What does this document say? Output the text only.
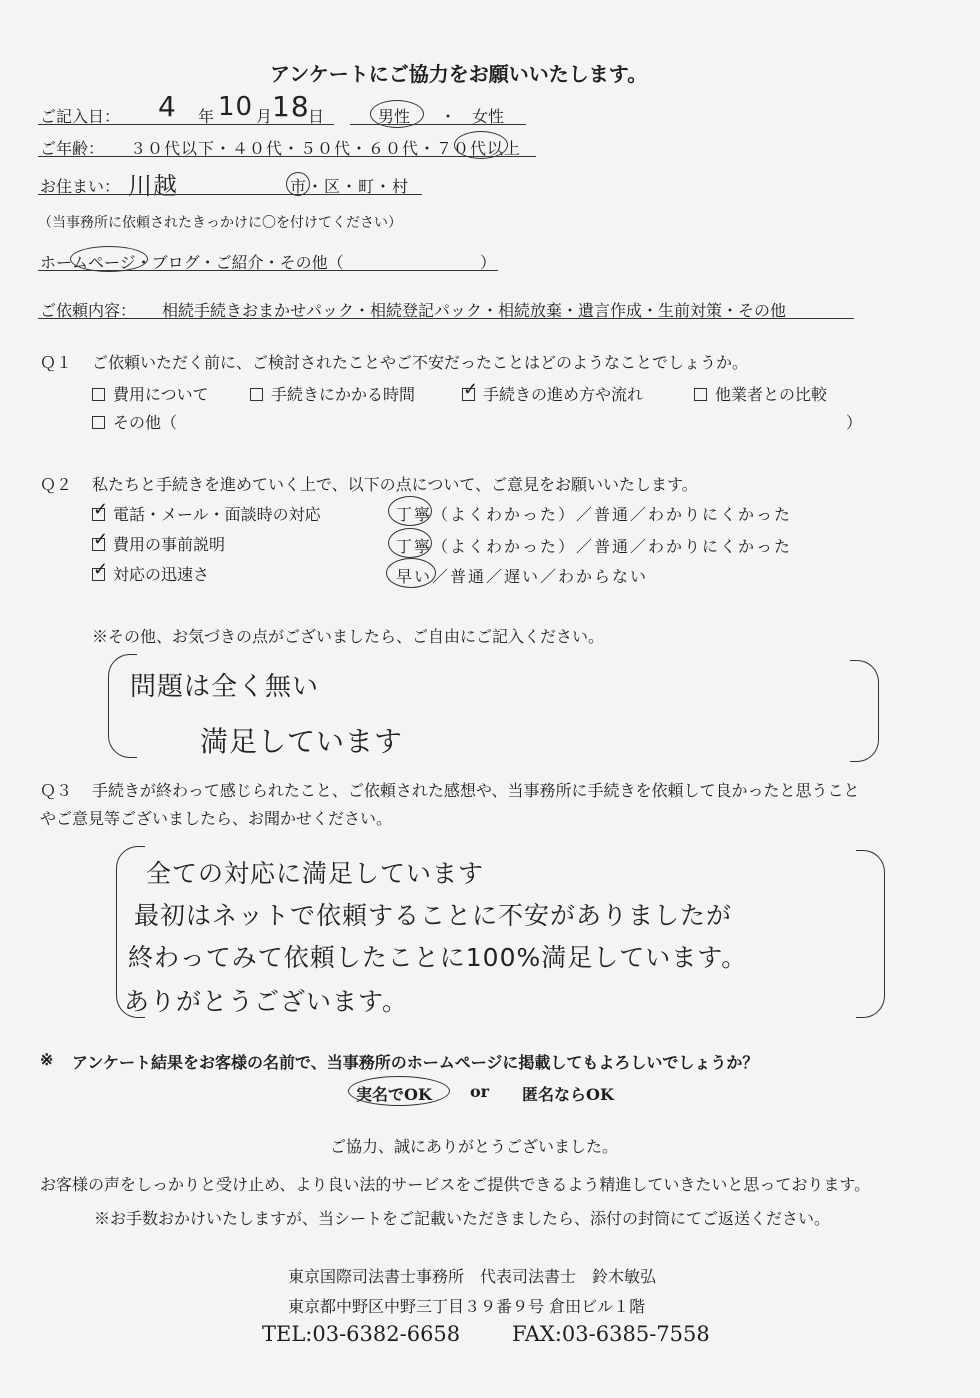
アンケートにご協力をお願いいたします。
ご記入日： 4 年 10 月 18
日	男性 ・ 女性
ご年齢： ３０代以下・４０代・５０代・６０代・７０代以上
お住まい： 川越	市・区・町・村
（当事務所に依頼されたきっかけに〇を付けてください）
ホームページ・ブログ・ご紹介・その他（	）
ご依頼内容： 相続手続きおまかせパック・相続登記パック・相続放棄・遺言作成・生前対策・その他
Ｑ１ ご依頼いただく前に、ご検討されたことやご不安だったことはどのようなことでしょうか。
費用について	手続きにかかる時間	✓ 手続きの進め方や流れ	他業者との比較
その他（	）
Ｑ２ 私たちと手続きを進めていく上で、以下の点について、ご意見をお願いいたします。
✓ 電話・メール・面談時の対応	丁寧（よくわかった）／普通／わかりにくかった
✓ 費用の事前説明	丁寧（よくわかった）／普通／わかりにくかった
✓ 対応の迅速さ	早い／普通／遅い／わからない
※その他、お気づきの点がございましたら、ご自由にご記入ください。
問題は全く無い
満足しています
Ｑ３ 手続きが終わって感じられたこと、ご依頼された感想や、当事務所に手続きを依頼して良かったと思うこと
やご意見等ございましたら、お聞かせください。
全ての対応に満足しています
最初はネットで依頼することに不安がありましたが
終わってみて依頼したことに100%満足しています。
ありがとうございます。
※ アンケート結果をお客様の名前で、当事務所のホームページに掲載してもよろしいでしょうか？
実名でOK or 匿名ならOK
ご協力、誠にありがとうございました。
お客様の声をしっかりと受け止め、より良い法的サービスをご提供できるよう精進していきたいと思っております。
※お手数おかけいたしますが、当シートをご記載いただきましたら、添付の封筒にてご返送ください。
東京国際司法書士事務所　代表司法書士　鈴木敏弘
東京都中野区中野三丁目３９番９号 倉田ビル１階
TEL:03-6382-6658 FAX:03-6385-7558
